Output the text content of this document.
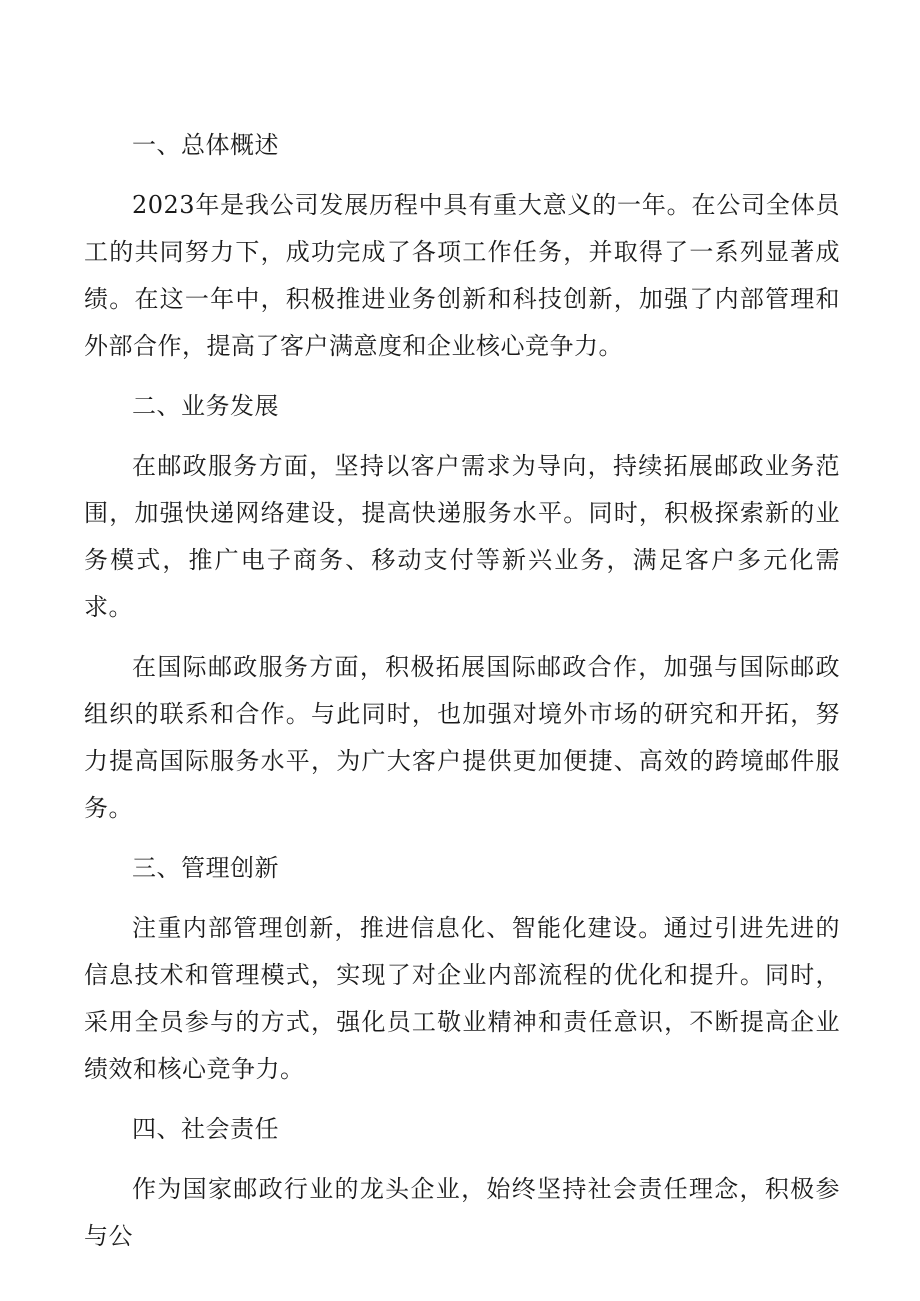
一、总体概述

2023年是我公司发展历程中具有重大意义的一年。在公司全体员工的共同努力下，成功完成了各项工作任务，并取得了一系列显著成绩。在这一年中，积极推进业务创新和科技创新，加强了内部管理和外部合作，提高了客户满意度和企业核心竞争力。

二、业务发展

在邮政服务方面，坚持以客户需求为导向，持续拓展邮政业务范围，加强快递网络建设，提高快递服务水平。同时，积极探索新的业务模式，推广电子商务、移动支付等新兴业务，满足客户多元化需求。

在国际邮政服务方面，积极拓展国际邮政合作，加强与国际邮政组织的联系和合作。与此同时，也加强对境外市场的研究和开拓，努力提高国际服务水平，为广大客户提供更加便捷、高效的跨境邮件服务。

三、管理创新

注重内部管理创新，推进信息化、智能化建设。通过引进先进的信息技术和管理模式，实现了对企业内部流程的优化和提升。同时，采用全员参与的方式，强化员工敬业精神和责任意识，不断提高企业绩效和核心竞争力。

四、社会责任

作为国家邮政行业的龙头企业，始终坚持社会责任理念，积极参与公
